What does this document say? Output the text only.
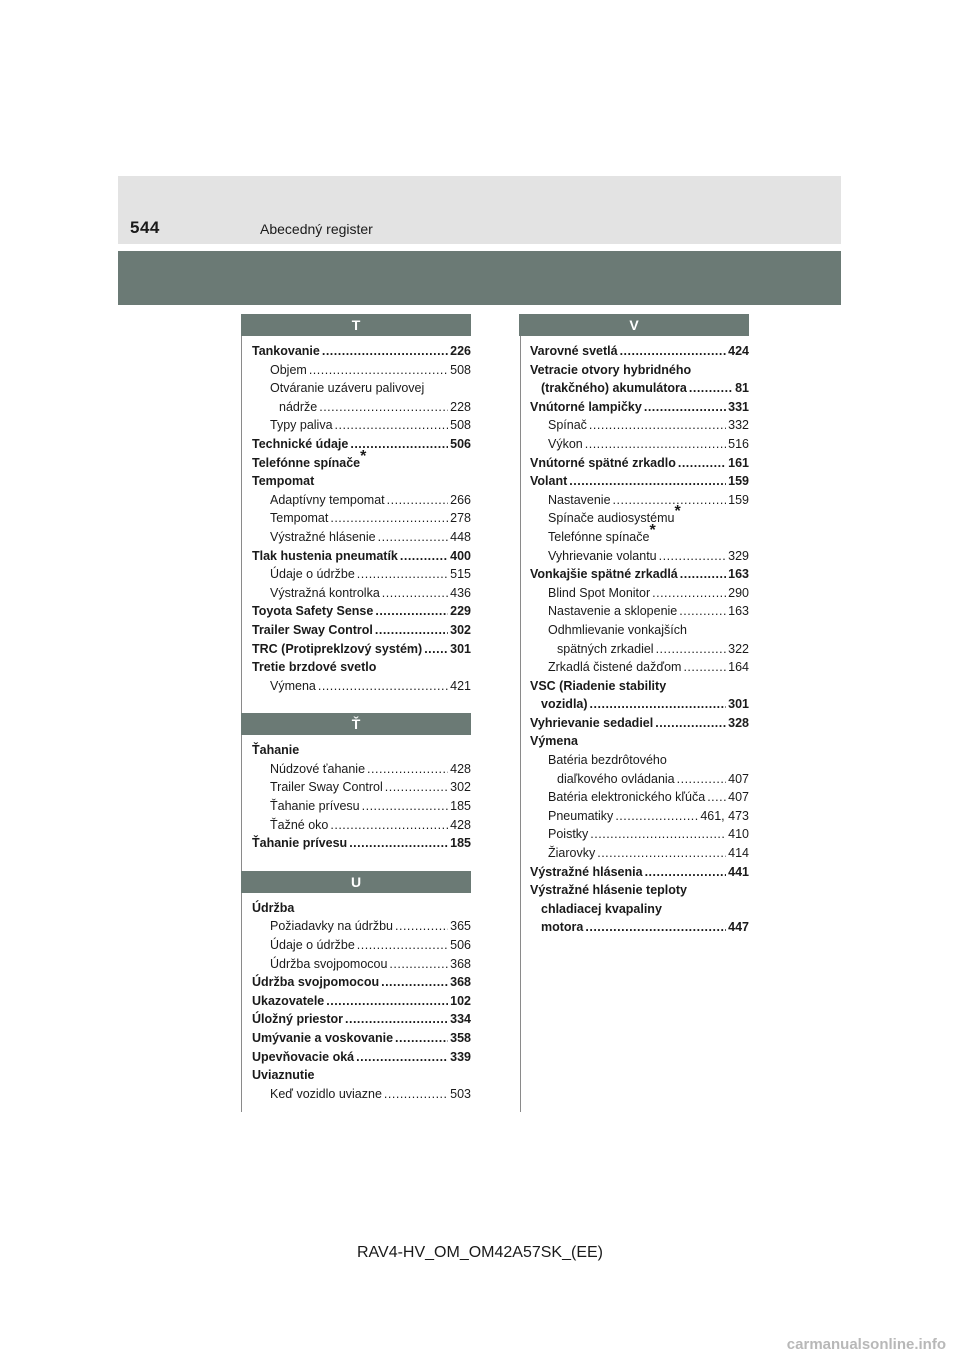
544	Abecedný register
T
Tankovanie .....	226
Objem .....	508
Otváranie uzáveru palivovej
nádrže .....	228
Typy paliva .....	508
Technické údaje .....	506
Telefónne spínače*
Tempomat
Adaptívny tempomat .....	266
Tempomat .....	278
Výstražné hlásenie .....	448
Tlak hustenia pneumatík .....	400
Údaje o údržbe .....	515
Výstražná kontrolka .....	436
Toyota Safety Sense .....	229
Trailer Sway Control .....	302
TRC (Protipreklzový systém) ..... 301
Tretie brzdové svetlo
Výmena .....	421
Ť
Ťahanie
Núdzové ťahanie .....	428
Trailer Sway Control .....	302
Ťahanie prívesu .....	185
Ťažné oko .....	428
Ťahanie prívesu .....	185
U
Údržba
Požiadavky na údržbu .....	365
Údaje o údržbe .....	506
Údržba svojpomocou .....	368
Údržba svojpomocou .....	368
Ukazovatele .....	102
Úložný priestor .....	334
Umývanie a voskovanie .....	358
Upevňovacie oká .....	339
Uviaznutie
Keď vozidlo uviazne .....	503
V
Varovné svetlá .....	424
Vetracie otvory hybridného
(trakčného) akumulátora .....	81
Vnútorné lampičky .....	331
Spínač .....	332
Výkon .....	516
Vnútorné spätné zrkadlo .....	161
Volant .....	159
Nastavenie .....	159
Spínače audiosystému*
Telefónne spínače*
Vyhrievanie volantu .....	329
Vonkajšie spätné zrkadlá .....	163
Blind Spot Monitor .....	290
Nastavenie a sklopenie .....	163
Odhmlievanie vonkajších
spätných zrkadiel .....	322
Zrkadlá čistené dažďom .....	164
VSC (Riadenie stability
vozidla) .....	301
Vyhrievanie sedadiel .....	328
Výmena
Batéria bezdrôtového
diaľkového ovládania .....	407
Batéria elektronického kľúča ..... 407
Pneumatiky .....	461, 473
Poistky .....	410
Žiarovky .....	414
Výstražné hlásenia .....	441
Výstražné hlásenie teploty
chladiacej kvapaliny
motora .....	447
RAV4-HV_OM_OM42A57SK_(EE)
carmanualsonline.info
